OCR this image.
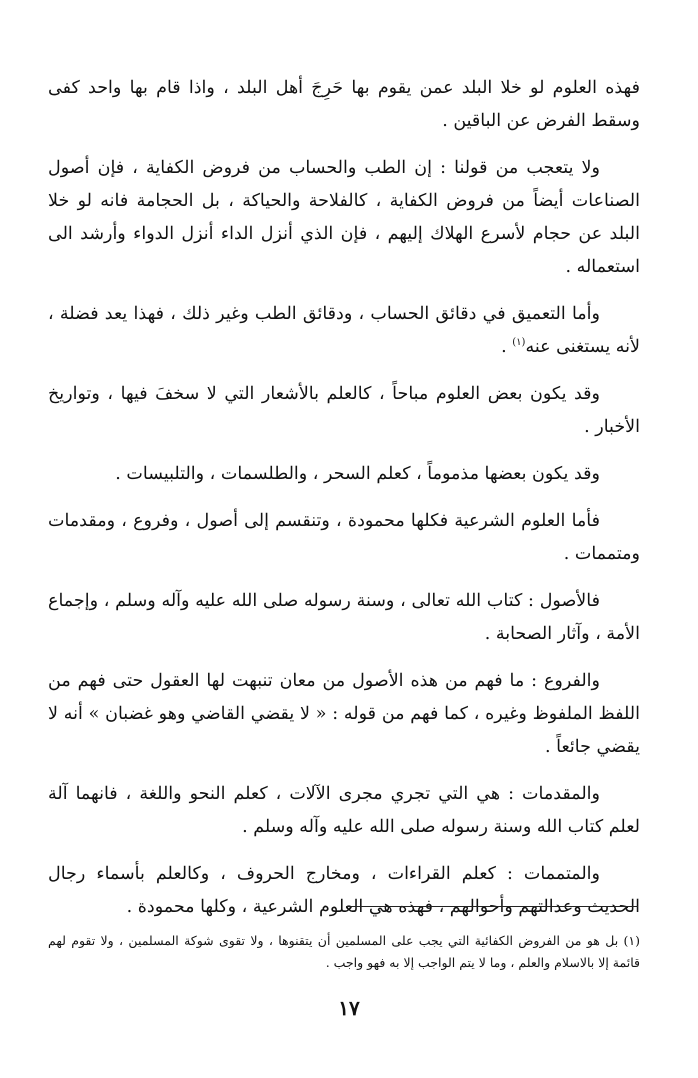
فهذه العلوم لو خلا البلد عمن يقوم بها حَرِجَ أهل البلد ، واذا قام بها واحد كفى وسقط الفرض عن الباقين .

ولا يتعجب من قولنا : إن الطب والحساب من فروض الكفاية ، فإن أصول الصناعات أيضاً من فروض الكفاية ، كالفلاحة والحياكة ، بل الحجامة فانه لو خلا البلد عن حجام لأسرع الهلاك إليهم ، فإن الذي أنزل الداء أنزل الدواء وأرشد الى استعماله .

وأما التعميق في دقائق الحساب ، ودقائق الطب وغير ذلك ، فهذا يعد فضلة ، لأنه يستغنى عنه$^{(١)}$ .

وقد يكون بعض العلوم مباحاً ، كالعلم بالأشعار التي لا سخفَ فيها ، وتواريخ الأخبار .

وقد يكون بعضها مذموماً ، كعلم السحر ، والطلسمات ، والتلبيسات .

فأما العلوم الشرعية فكلها محمودة ، وتنقسم إلى أصول ، وفروع ، ومقدمات ومتممات .

فالأصول : كتاب الله تعالى ، وسنة رسوله صلى الله عليه وآله وسلم ، وإجماع الأمة ، وآثار الصحابة .

والفروع : ما فهم من هذه الأصول من معان تنبهت لها العقول حتى فهم من اللفظ الملفوظ وغيره ، كما فهم من قوله : « لا يقضي القاضي وهو غضبان » أنه لا يقضي جائعاً .

والمقدمات : هي التي تجري مجرى الآلات ، كعلم النحو واللغة ، فانهما آلة لعلم كتاب الله وسنة رسوله صلى الله عليه وآله وسلم .

والمتممات : كعلم القراءات ، ومخارج الحروف ، وكالعلم بأسماء رجال الحديث وعدالتهم وأحوالهم ، فهذه هي العلوم الشرعية ، وكلها محمودة .

(١) بل هو من الفروض الكفائية التي يجب على المسلمين أن يتقنوها ، ولا تقوى شوكة المسلمين ، ولا تقوم لهم قائمة إلا بالاسلام والعلم ، وما لا يتم الواجب إلا به فهو واجب .
١٧
